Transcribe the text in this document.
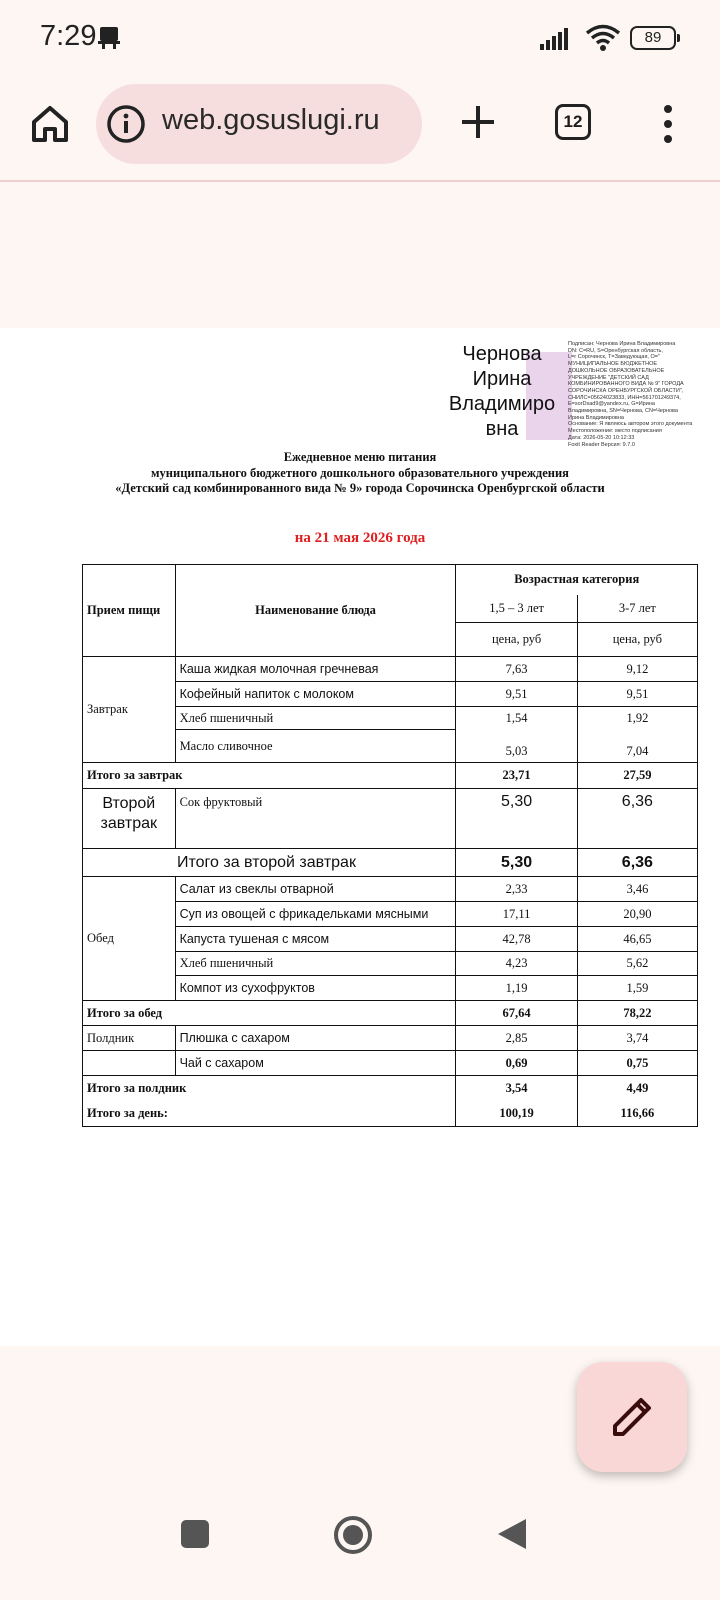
7:29	89
web.gosuslugi.ru	12
Чернова
Ирина
Владимиро
вна
Подписан: Чернова Ирина Владимировна
DN: C=RU, S=Оренбургская область,
L=г Сорочинск, T=Заведующая, O="
МУНИЦИПАЛЬНОЕ БЮДЖЕТНОЕ
ДОШКОЛЬНОЕ ОБРАЗОВАТЕЛЬНОЕ
УЧРЕЖДЕНИЕ "ДЕТСКИЙ САД
КОМБИНИРОВАННОГО ВИДА № 9" ГОРОДА
СОРОЧИНСКА ОРЕНБУРГСКОЙ ОБЛАСТИ",
СНИЛС=05624023833, ИНН=561701249374,
E=sorDsad9@yandex.ru, G=Ирина
Владимировна, SN=Чернова, CN=Чернова
Ирина Владимировна
Основание: Я являюсь автором этого документа
Местоположение: место подписания
Дата: 2026-05-20 10:12:33
Foxit Reader Версия: 9.7.0
Ежедневное меню питания
муниципального бюджетного дошкольного образовательного учреждения
«Детский сад комбинированного вида № 9» города Сорочинска Оренбургской области
на 21 мая 2026 года
Прием пищи	Наименование блюда	Возрастная категория	
		1,5 – 3 лет	3-7 лет
		цена, руб	цена, руб
Завтрак	Каша жидкая молочная гречневая	7,63	9,12
	Кофейный напиток с молоком	9,51	9,51
	Хлеб пшеничный	1,54	1,92
	Масло сливочное	5,03	7,04
Итого за завтрак		23,71	27,59

Второй
завтрак	Сок фруктовый	5,30	6,36
Итого за второй завтрак		5,30	6,36
Обед	Салат из свеклы отварной	2,33	3,46
	Суп из овощей с фрикадельками мясными	17,11	20,90
	Капуста тушеная с мясом	42,78	46,65
	Хлеб пшеничный	4,23	5,62
	Компот из сухофруктов	1,19	1,59
Итого за обед		67,64	78,22
Полдник	Плюшка с сахаром	2,85	3,74
	Чай с сахаром	0,69	0,75
Итого за полдник		3,54	4,49
Итого за день:		100,19	116,66
